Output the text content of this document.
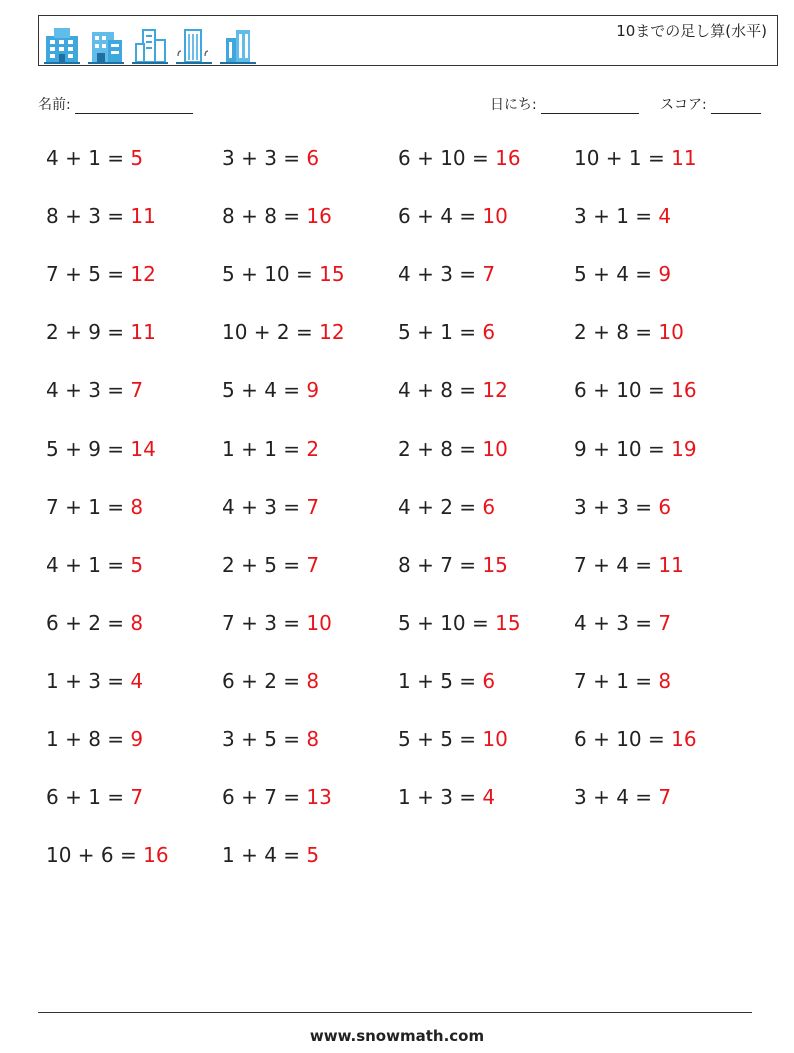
10までの足し算(水平)
名前:	日にち:	スコア:
4 + 1 = 5	3 + 3 = 6	6 + 10 = 16	10 + 1 = 11
8 + 3 = 11	8 + 8 = 16	6 + 4 = 10	3 + 1 = 4
7 + 5 = 12	5 + 10 = 15	4 + 3 = 7	5 + 4 = 9
2 + 9 = 11	10 + 2 = 12	5 + 1 = 6	2 + 8 = 10
4 + 3 = 7	5 + 4 = 9	4 + 8 = 12	6 + 10 = 16
5 + 9 = 14	1 + 1 = 2	2 + 8 = 10	9 + 10 = 19
7 + 1 = 8	4 + 3 = 7	4 + 2 = 6	3 + 3 = 6
4 + 1 = 5	2 + 5 = 7	8 + 7 = 15	7 + 4 = 11
6 + 2 = 8	7 + 3 = 10	5 + 10 = 15	4 + 3 = 7
1 + 3 = 4	6 + 2 = 8	1 + 5 = 6	7 + 1 = 8
1 + 8 = 9	3 + 5 = 8	5 + 5 = 10	6 + 10 = 16
6 + 1 = 7	6 + 7 = 13	1 + 3 = 4	3 + 4 = 7
10 + 6 = 16	1 + 4 = 5
www.snowmath.com
